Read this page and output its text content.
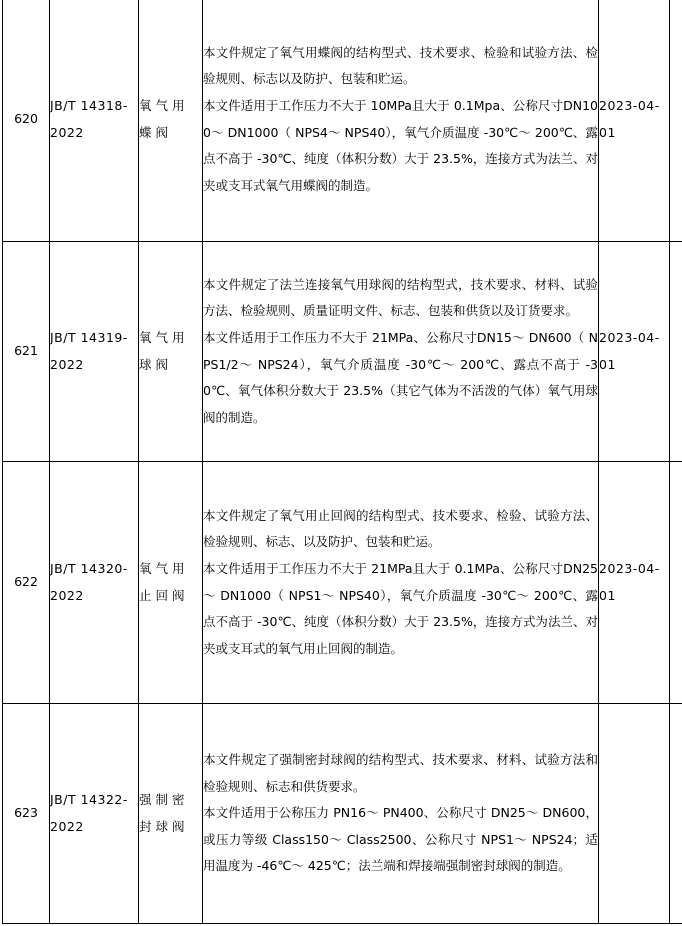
620	JB/T 14318-2022	氧气用蝶阀	本文件规定了氧气用蝶阀的结构型式、技术要求、检验和试验方法、检验规则、标志以及防护、包装和贮运。
本文件适用于工作压力不大于 10MPa且大于 0.1Mpa、公称尺寸DN100～ DN1000（ NPS4～ NPS40），氧气介质温度 -30℃～ 200℃、露点不高于 -30℃、纯度（体积分数）大于 23.5%，连接方式为法兰、对夹或支耳式氧气用蝶阀的制造。	2023-04-01	

621	JB/T 14319-2022	氧气用球阀	本文件规定了法兰连接氧气用球阀的结构型式，技术要求、材料、试验方法、检验规则、质量证明文件、标志、包装和供货以及订货要求。
本文件适用于工作压力不大于 21MPa、公称尺寸DN15～ DN600（ NPS1/2～ NPS24），氧气介质温度 -30℃～ 200℃、露点不高于 -30℃、氧气体积分数大于 23.5%（其它气体为不活泼的气体）氧气用球阀的制造。	2023-04-01	

622	JB/T 14320-2022	氧气用止回阀	本文件规定了氧气用止回阀的结构型式、技术要求、检验、试验方法、检验规则、标志、以及防护、包装和贮运。
本文件适用于工作压力不大于 21MPa且大于 0.1MPa、公称尺寸DN25～ DN1000（ NPS1～ NPS40），氧气介质温度 -30℃～ 200℃、露点不高于 -30℃、纯度（体积分数）大于 23.5%，连接方式为法兰、对夹或支耳式的氧气用止回阀的制造。	2023-04-01	

623	JB/T 14322-2022	强制密封球阀	本文件规定了强制密封球阀的结构型式、技术要求、材料、试验方法和检验规则、标志和供货要求。
本文件适用于公称压力 PN16～ PN400、公称尺寸 DN25～ DN600，或压力等级 Class150～ Class2500、公称尺寸 NPS1～ NPS24；适用温度为 -46℃～ 425℃；法兰端和焊接端强制密封球阀的制造。		
